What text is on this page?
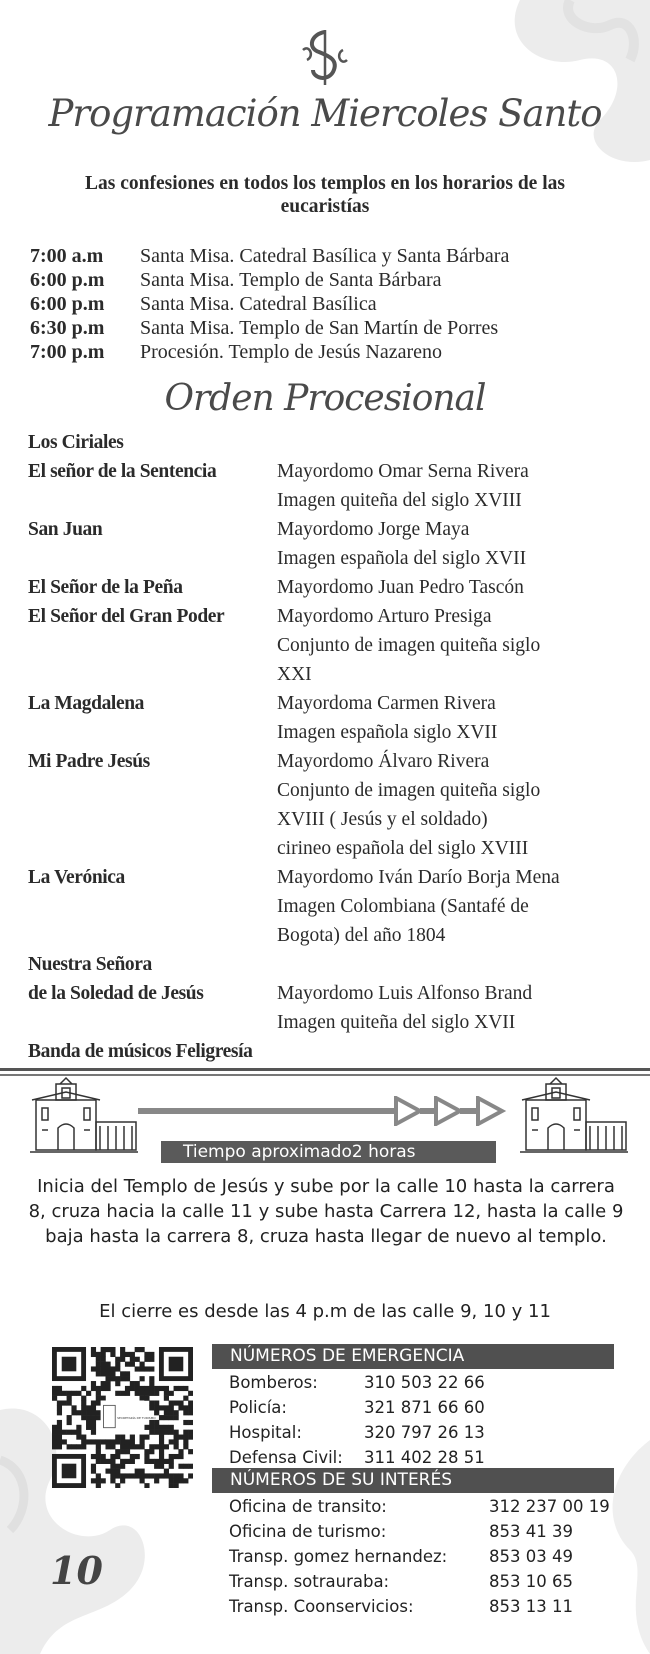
Programación Miercoles Santo
Las confesiones en todos los templos en los horarios de las eucaristías
7:00 a.m	Santa Misa. Catedral Basílica y Santa Bárbara
6:00 p.m	Santa Misa. Templo de Santa Bárbara
6:00 p.m	Santa Misa. Catedral Basílica
6:30 p.m	Santa Misa. Templo de San Martín de Porres
7:00 p.m	Procesión. Templo de Jesús Nazareno
Orden Procesional
Los Ciriales
El señor de la Sentencia	Mayordomo Omar Serna Rivera
Imagen quiteña del siglo XVIII
San Juan	Mayordomo Jorge Maya
Imagen española del siglo XVII
El Señor de la Peña	Mayordomo Juan Pedro Tascón
El Señor del Gran Poder	Mayordomo Arturo Presiga
Conjunto de imagen quiteña siglo
XXI
La Magdalena	Mayordoma Carmen Rivera
Imagen española siglo XVII
Mi Padre Jesús	Mayordomo Álvaro Rivera
Conjunto de imagen quiteña siglo
XVIII ( Jesús y el soldado)
cirineo española del siglo XVIII
La Verónica	Mayordomo Iván Darío Borja Mena
Imagen Colombiana (Santafé de
Bogota) del año 1804
Nuestra Señora
de la Soledad de Jesús	Mayordomo Luis Alfonso Brand
Imagen quiteña del siglo XVII
Banda de músicos Feligresía
Tiempo aproximado2 horas
Inicia del Templo de Jesús y sube por la calle 10 hasta la carrera 8, cruza hacia la calle 11 y sube hasta Carrera 12, hasta la calle 9 baja hasta la carrera 8, cruza hasta llegar de nuevo al templo.
El cierre es desde las 4 p.m de las calle 9, 10 y 11
SECRETARÍA DE TURISMO
NÚMEROS DE EMERGENCIA
Bomberos:	310 503 22 66
Policía:	321 871 66 60
Hospital:	320 797 26 13
Defensa Civil:	311 402 28 51
NÚMEROS DE SU INTERÉS
Oficina de transito:	312 237 00 19
Oficina de turismo:	853 41 39
Transp. gomez hernandez:	853 03 49
Transp. sotrauraba:	853 10 65
Transp. Coonservicios:	853 13 11
10
